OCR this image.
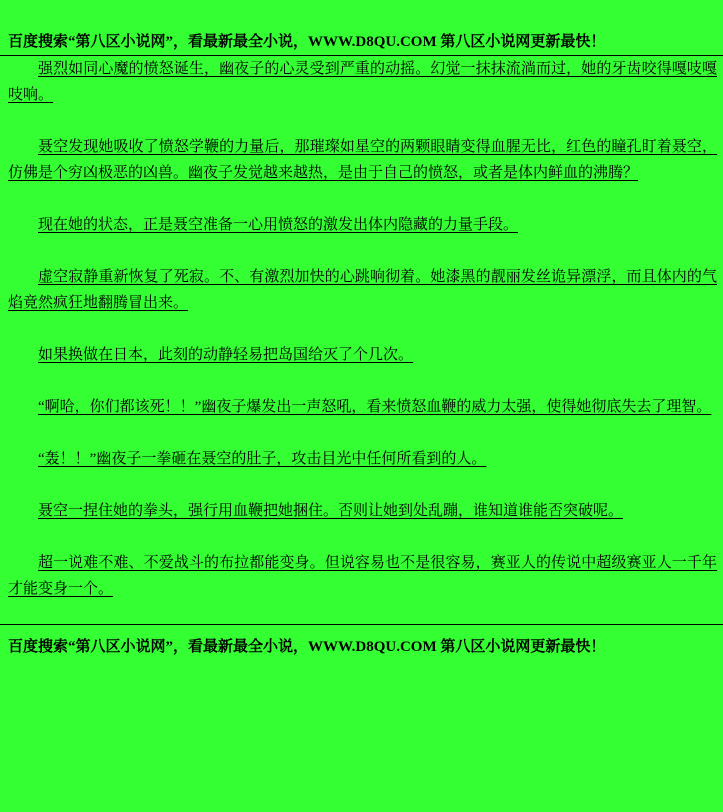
百度搜索“第八区小说网”，看最新最全小说，WWW.D8QU.COM 第八区小说网更新最快！

强烈如同心魔的愤怒诞生，幽夜子的心灵受到严重的动摇。幻觉一抹抹流淌而过，她的牙齿咬得嘎吱嘎吱响。

聂空发现她吸收了愤怒学鞭的力量后，那璀璨如星空的两颗眼睛变得血腥无比，红色的瞳孔盯着聂空，仿佛是个穷凶极恶的凶兽。幽夜子发觉越来越热，是由于自己的愤怒，或者是体内鲜血的沸腾？

现在她的状态，正是聂空准备一心用愤怒的激发出体内隐藏的力量手段。

虚空寂静重新恢复了死寂。不、有激烈加快的心跳响彻着。她漆黑的靓丽发丝诡异漂浮，而且体内的气焰竟然疯狂地翻腾冒出来。

如果换做在日本，此刻的动静轻易把岛国给灭了个几次。

“啊哈，你们都该死！！”幽夜子爆发出一声怒吼，看来愤怒血鞭的威力太强，使得她彻底失去了理智。

“轰！！”幽夜子一拳砸在聂空的肚子，攻击目光中任何所看到的人。

聂空一捏住她的拳头，强行用血鞭把她捆住。否则让她到处乱蹦，谁知道谁能否突破呢。

超一说难不难、不爱战斗的布拉都能变身。但说容易也不是很容易，赛亚人的传说中超级赛亚人一千年才能变身一个。

百度搜索“第八区小说网”，看最新最全小说，WWW.D8QU.COM 第八区小说网更新最快！
